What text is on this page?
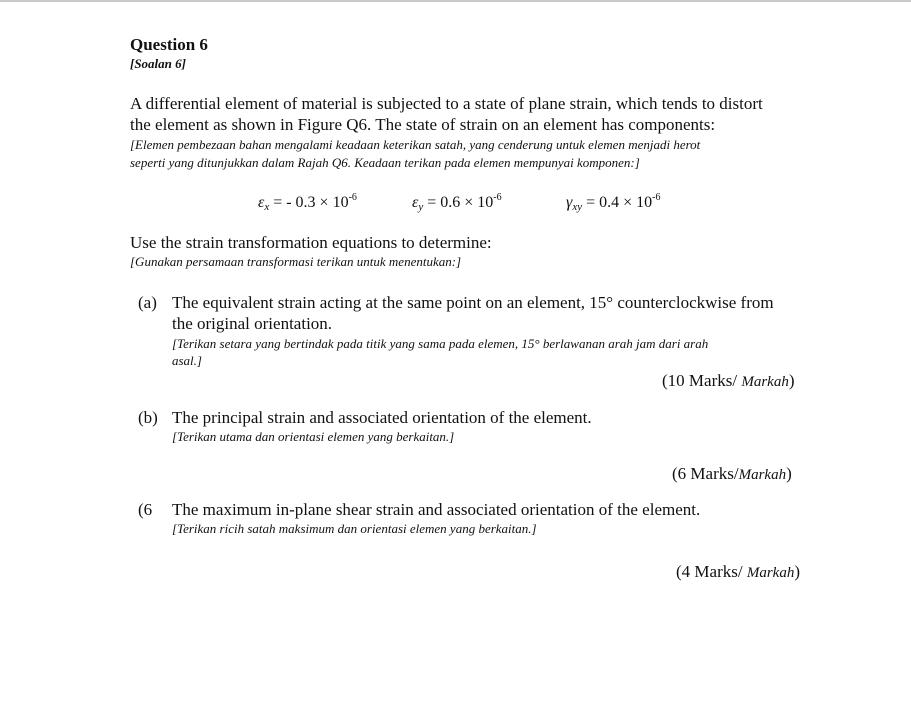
Question 6
[Soalan 6]
A differential element of material is subjected to a state of plane strain, which tends to distort
the element as shown in Figure Q6. The state of strain on an element has components:
[Elemen pembezaan bahan mengalami keadaan keterikan satah, yang cenderung untuk elemen menjadi herot
seperti yang ditunjukkan dalam Rajah Q6. Keadaan terikan pada elemen mempunyai komponen:]
$\varepsilon_x$ = - $0.3 \times 10^{-6}$	$\varepsilon_y = 0.6 \times 10^{-6}$	$\gamma_{xy} = 0.4 \times 10^{-6}$
Use the strain transformation equations to determine:
[Gunakan persamaan transformasi terikan untuk menentukan:]
(a) The equivalent strain acting at the same point on an element, 15° counterclockwise from
the original orientation.
[Terikan setara yang bertindak pada titik yang sama pada elemen, 15° berlawanan arah jam dari arah
asal.]
(10 Marks/ Markah)
(b) The principal strain and associated orientation of the element.
[Terikan utama dan orientasi elemen yang berkaitan.]
(6 Marks/Markah)
(6 The maximum in-plane shear strain and associated orientation of the element.
[Terikan ricih satah maksimum dan orientasi elemen yang berkaitan.]
(4 Marks/ Markah)
